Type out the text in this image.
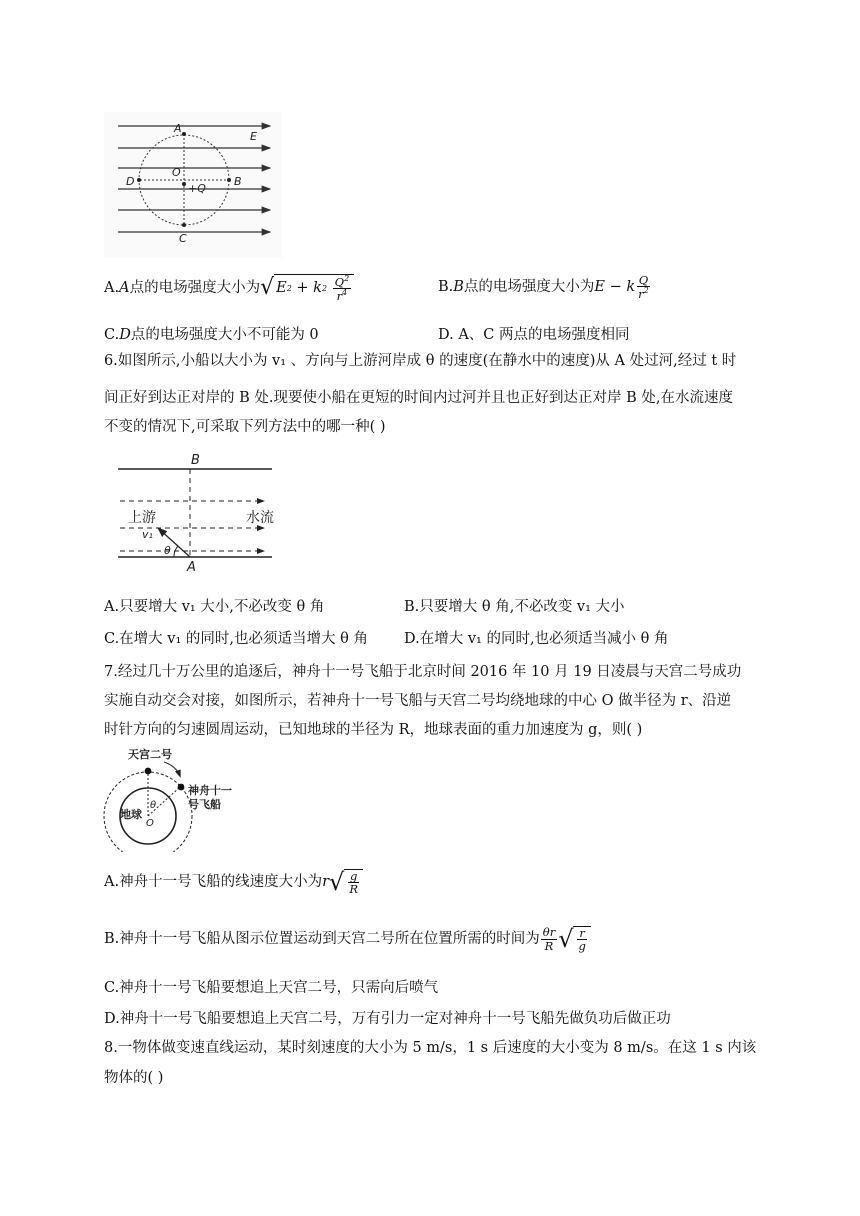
A
E
O
D	B
+Q
C
A.A点的电场强度大小为 √ E 2 + k 2
$\frac{Q^2}{r^4}$	B.B点的电场强度大小为E − k $\frac{Q}{r^2}$
C.D点的电场强度大小不可能为 0	D. A、C 两点的电场强度相同
6.如图所示,小船以大小为 v₁ 、方向与上游河岸成 θ 的速度(在静水中的速度)从 A 处过河,经过 t 时
间正好到达正对岸的 B 处.现要使小船在更短的时间内过河并且也正好到达正对岸 B 处,在水流速度
不变的情况下,可采取下列方法中的哪一种( )
B
A
上游	水流
v₁
θ
A.只要增大 v₁ 大小,不必改变 θ 角	B.只要增大 θ 角,不必改变 v₁ 大小
C.在增大 v₁ 的同时,也必须适当增大 θ 角 D.在增大 v₁ 的同时,也必须适当减小 θ 角
7.经过几十万公里的追逐后，神舟十一号飞船于北京时间 2016 年 10 月 19 日凌晨与天宫二号成功
实施自动交会对接，如图所示，若神舟十一号飞船与天宫二号均绕地球的中心 O 做半径为 r、沿逆
时针方向的匀速圆周运动，已知地球的半径为 R，地球表面的重力加速度为 g，则( )
天宫二号
神舟十一
号飞船
地球
O
θ
A.神舟十一号飞船的线速度大小为r √ $\frac{g}{R}$
B.神舟十一号飞船从图示位置运动到天宫二号所在位置所需的时间为 $\frac{\theta r}{R}$ √ $\frac{r}{g}$
C.神舟十一号飞船要想追上天宫二号，只需向后喷气
D.神舟十一号飞船要想追上天宫二号，万有引力一定对神舟十一号飞船先做负功后做正功
8.一物体做变速直线运动，某时刻速度的大小为 5 m/s，1 s 后速度的大小变为 8 m/s。在这 1 s 内该
物体的( )
